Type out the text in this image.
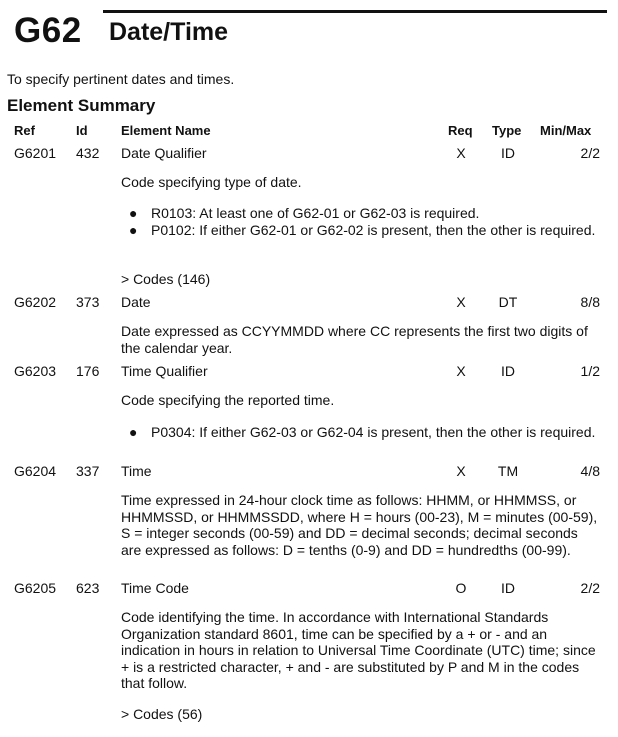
G62 Date/Time
To specify pertinent dates and times.
Element Summary
Ref	Id	Element Name	Req Type Min/Max
G6201 432 Date Qualifier	X	ID	2/2
Code specifying type of date.
● R0103: At least one of G62-01 or G62-03 is required.
● P0102: If either G62-01 or G62-02 is present, then the other is required.
> Codes (146)
G6202 373 Date	X	DT	8/8
Date expressed as CCYYMMDD where CC represents the first two digits of the calendar year.
G6203 176 Time Qualifier	X	ID	1/2
Code specifying the reported time.
● P0304: If either G62-03 or G62-04 is present, then the other is required.
G6204 337 Time	X	TM	4/8
Time expressed in 24-hour clock time as follows: HHMM, or HHMMSS, or HHMMSSD, or HHMMSSDD, where H = hours (00-23), M = minutes (00-59), S = integer seconds (00-59) and DD = decimal seconds; decimal seconds are expressed as follows: D = tenths (0-9) and DD = hundredths (00-99).
G6205 623 Time Code	O	ID	2/2
Code identifying the time. In accordance with International Standards Organization standard 8601, time can be specified by a + or - and an indication in hours in relation to Universal Time Coordinate (UTC) time; since + is a restricted character, + and - are substituted by P and M in the codes that follow.
> Codes (56)
